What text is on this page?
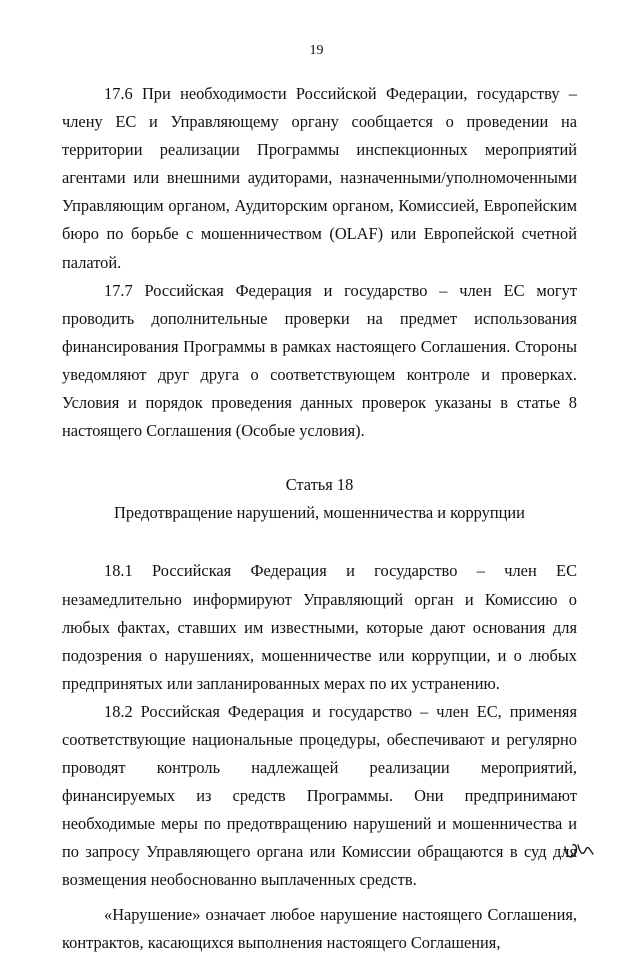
19

17.6 При необходимости Российской Федерации, государству – члену ЕС и Управляющему органу сообщается о проведении на территории реализации Программы инспекционных мероприятий агентами или внешними аудиторами, назначенными/уполномоченными Управляющим органом, Аудиторским органом, Комиссией, Европейским бюро по борьбе с мошенничеством (OLAF) или Европейской счетной палатой.

17.7 Российская Федерация и государство – член ЕС могут проводить дополнительные проверки на предмет использования финансирования Программы в рамках настоящего Соглашения. Стороны уведомляют друг друга о соответствующем контроле и проверках. Условия и порядок проведения данных проверок указаны в статье 8 настоящего Соглашения (Особые условия).

Статья 18

Предотвращение нарушений, мошенничества и коррупции

18.1 Российская Федерация и государство – член ЕС незамедлительно информируют Управляющий орган и Комиссию о любых фактах, ставших им известными, которые дают основания для подозрения о нарушениях, мошенничестве или коррупции, и о любых предпринятых или запланированных мерах по их устранению.

18.2 Российская Федерация и государство – член ЕС, применяя соответствующие национальные процедуры, обеспечивают и регулярно проводят контроль надлежащей реализации мероприятий, финансируемых из средств Программы. Они предпринимают необходимые меры по предотвращению нарушений и мошенничества и по запросу Управляющего органа или Комиссии обращаются в суд для возмещения необоснованно выплаченных средств.

«Нарушение» означает любое нарушение настоящего Соглашения, контрактов, касающихся выполнения настоящего Соглашения,
